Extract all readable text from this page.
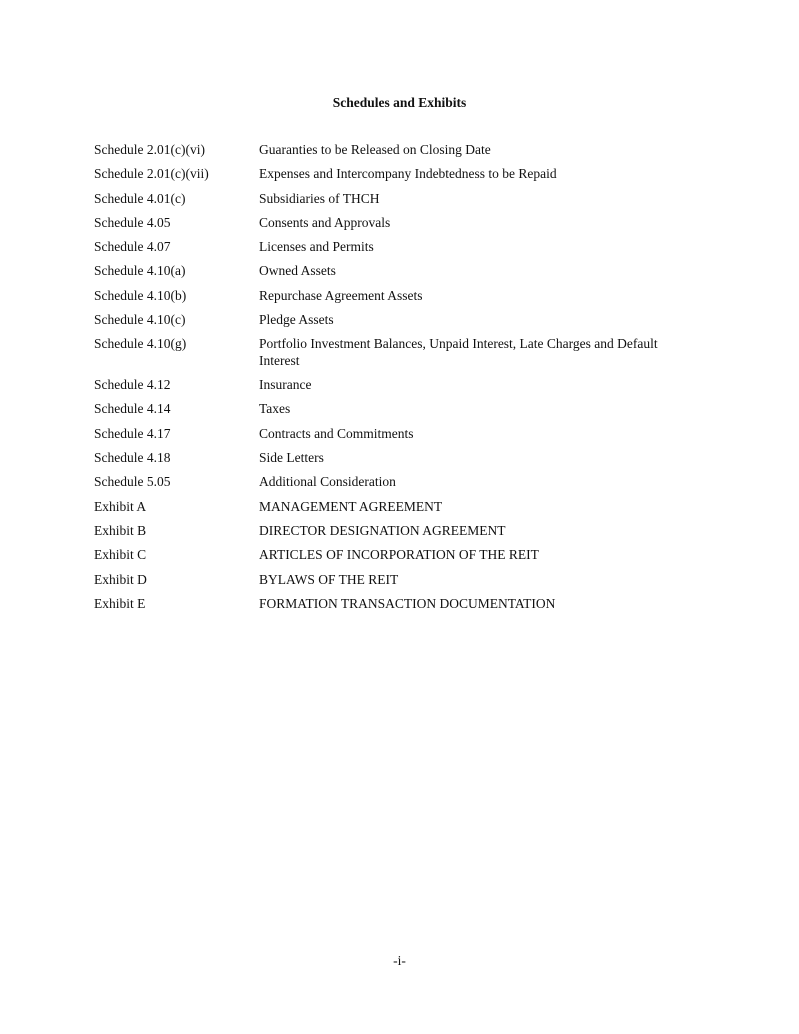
Schedules and Exhibits
Schedule 2.01(c)(vi)	Guaranties to be Released on Closing Date
Schedule 2.01(c)(vii)	Expenses and Intercompany Indebtedness to be Repaid
Schedule 4.01(c)	Subsidiaries of THCH
Schedule 4.05	Consents and Approvals
Schedule 4.07	Licenses and Permits
Schedule 4.10(a)	Owned Assets
Schedule 4.10(b)	Repurchase Agreement Assets
Schedule 4.10(c)	Pledge Assets
Schedule 4.10(g)	Portfolio Investment Balances, Unpaid Interest, Late Charges and Default Interest
Schedule 4.12	Insurance
Schedule 4.14	Taxes
Schedule 4.17	Contracts and Commitments
Schedule 4.18	Side Letters
Schedule 5.05	Additional Consideration
Exhibit A	MANAGEMENT AGREEMENT
Exhibit B	DIRECTOR DESIGNATION AGREEMENT
Exhibit C	ARTICLES OF INCORPORATION OF THE REIT
Exhibit D	BYLAWS OF THE REIT
Exhibit E	FORMATION TRANSACTION DOCUMENTATION
-i-
